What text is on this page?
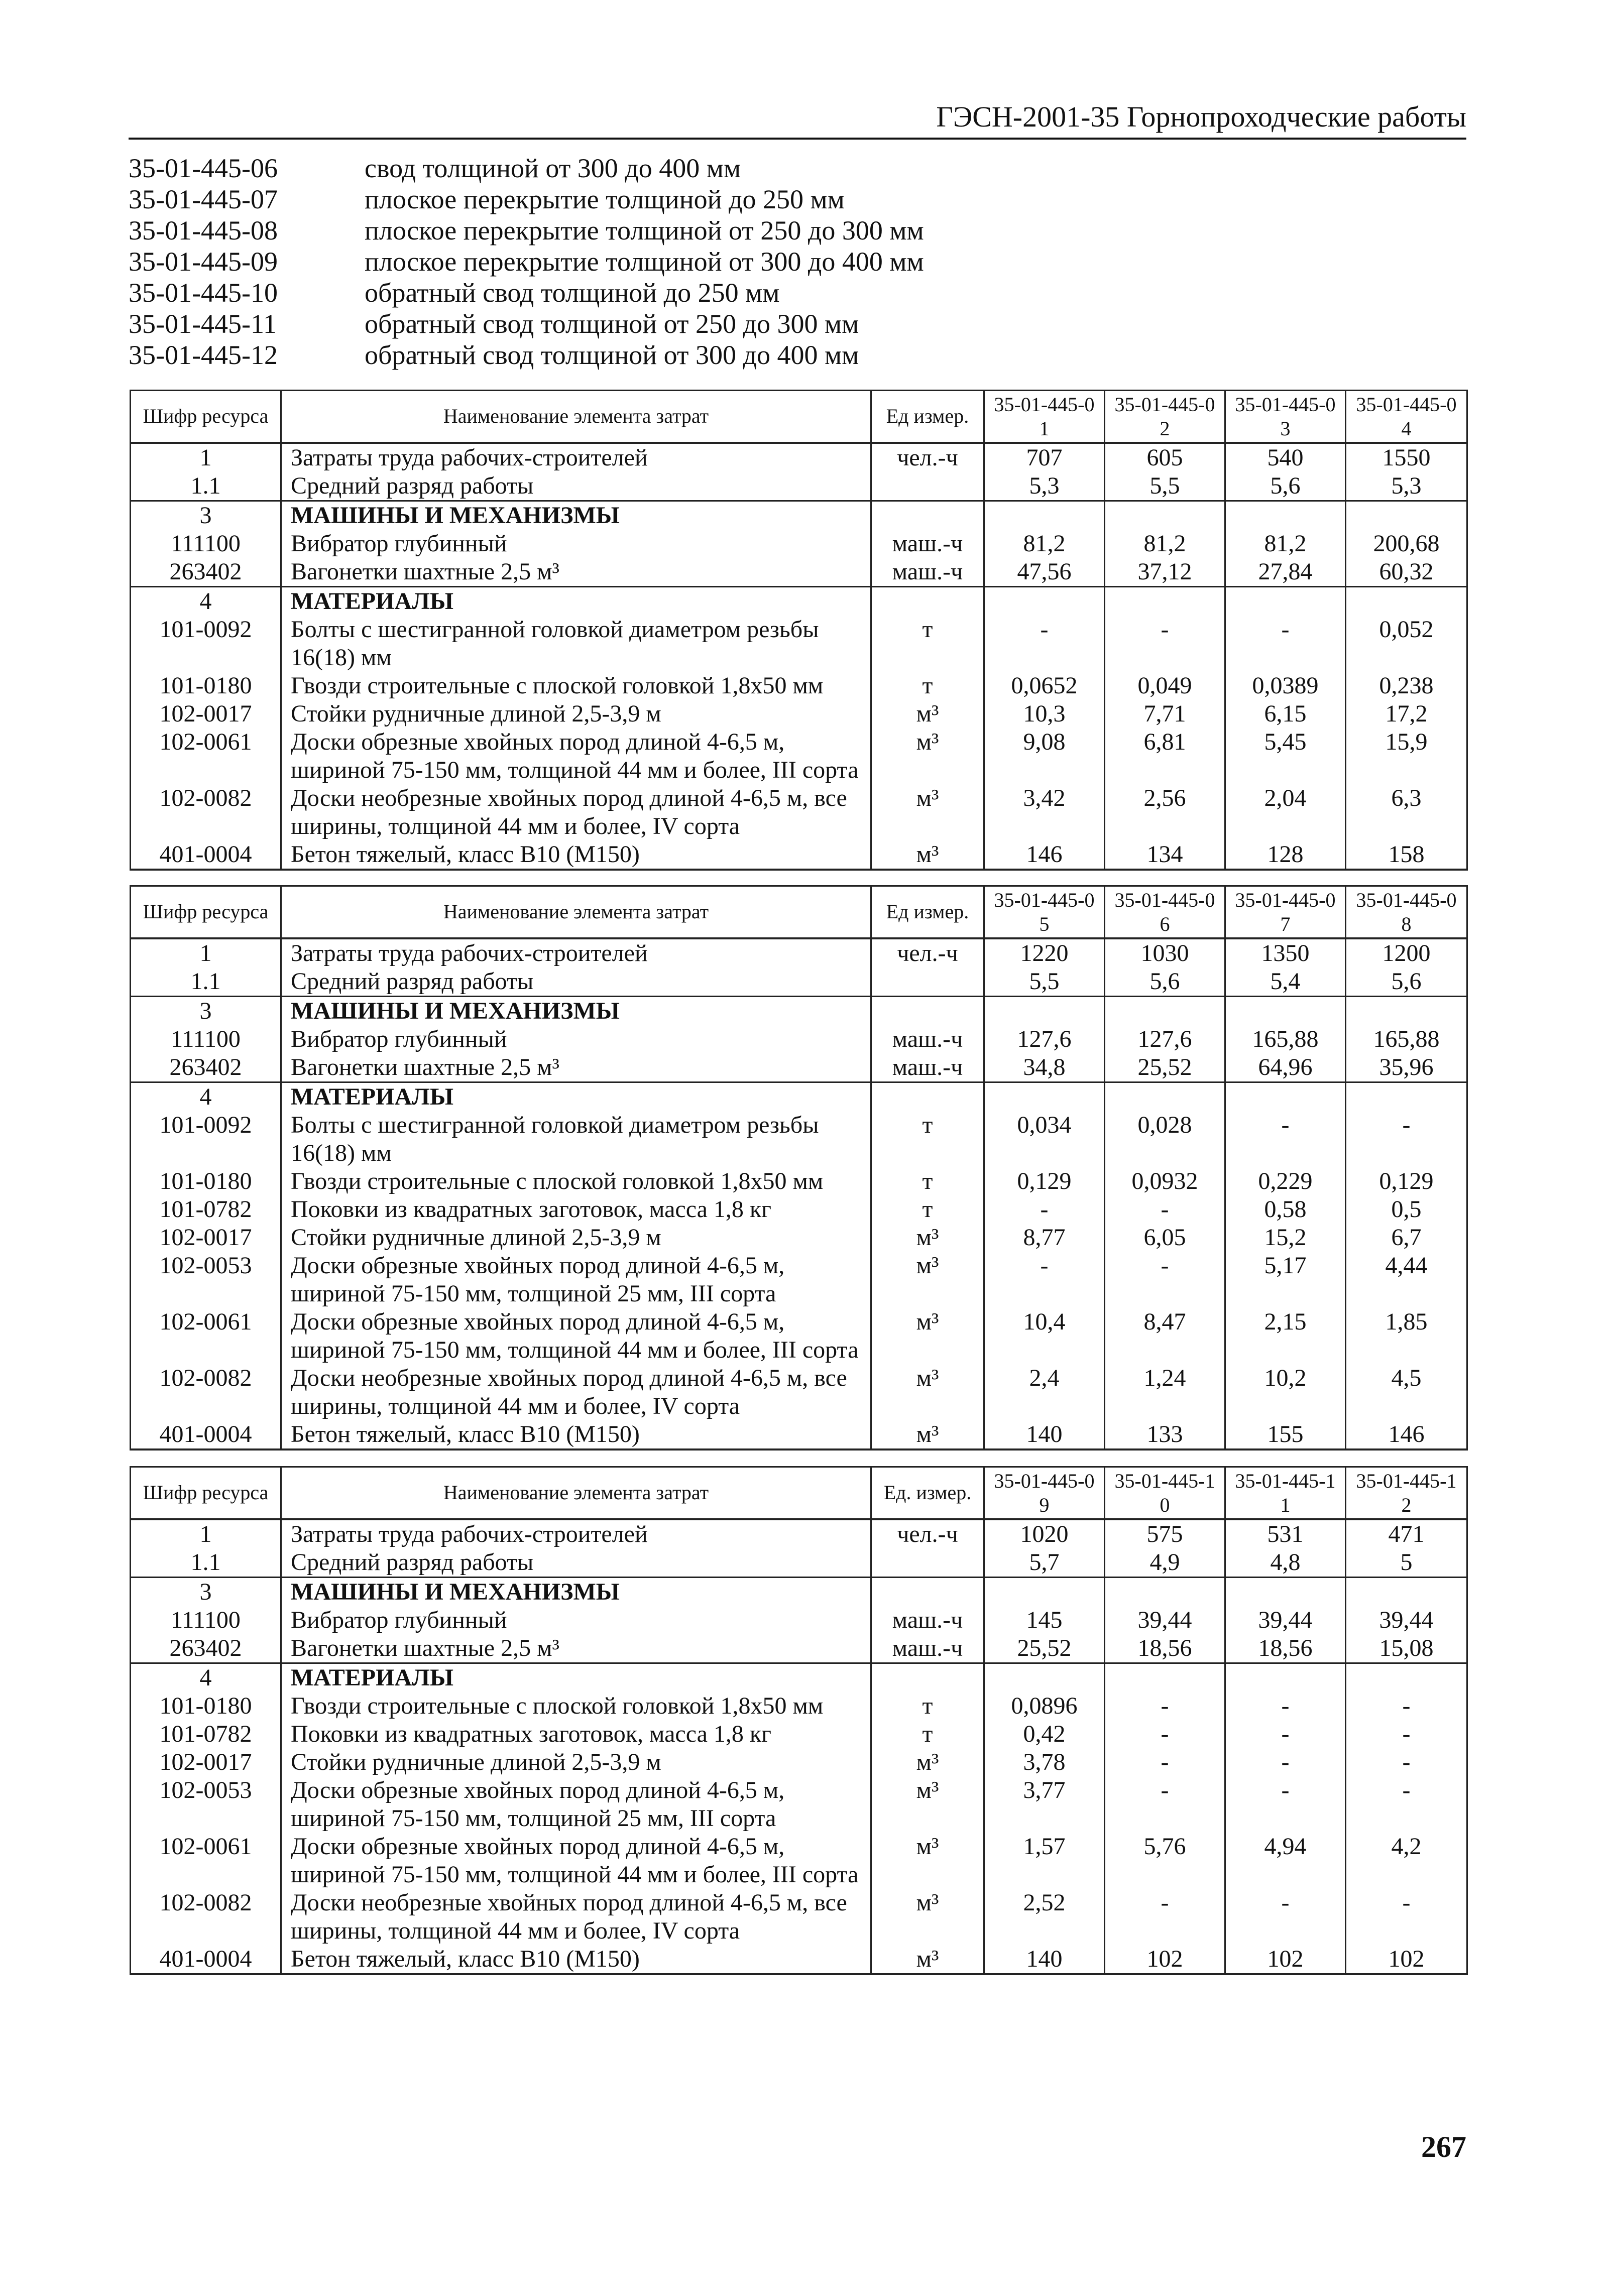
ГЭСН-2001-35 Горнопроходческие работы
35-01-445-06	свод толщиной от 300 до 400 мм
35-01-445-07	плоское перекрытие толщиной до 250 мм
35-01-445-08	плоское перекрытие толщиной от 250 до 300 мм
35-01-445-09	плоское перекрытие толщиной от 300 до 400 мм
35-01-445-10	обратный свод толщиной до 250 мм
35-01-445-11	обратный свод толщиной от 250 до 300 мм
35-01-445-12	обратный свод толщиной от 300 до 400 мм
Шифр ресурса	Наименование элемента затрат	Ед измер.	35-01-445-01	35-01-445-02	35-01-445-03	35-01-445-04
1	Затраты труда рабочих-строителей	чел.-ч	707	605	540	1550
1.1	Средний разряд работы		5,3	5,5	5,6	5,3
3	МАШИНЫ И МЕХАНИЗМЫ					
111100	Вибратор глубинный	маш.-ч	81,2	81,2	81,2	200,68
263402	Вагонетки шахтные 2,5 м³	маш.-ч	47,56	37,12	27,84	60,32
4	МАТЕРИАЛЫ					
101-0092	Болты с шестигранной головкой диаметром резьбы 16(18) мм	т	-	-	-	0,052
101-0180	Гвозди строительные с плоской головкой 1,8х50 мм	т	0,0652	0,049	0,0389	0,238
102-0017	Стойки рудничные длиной 2,5-3,9 м	м³	10,3	7,71	6,15	17,2
102-0061	Доски обрезные хвойных пород длиной 4-6,5 м, шириной 75-150 мм, толщиной 44 мм и более, III сорта	м³	9,08	6,81	5,45	15,9
102-0082	Доски необрезные хвойных пород длиной 4-6,5 м, все ширины, толщиной 44 мм и более, IV сорта	м³	3,42	2,56	2,04	6,3
401-0004	Бетон тяжелый, класс B10 (M150)	м³	146	134	128	158
Шифр ресурса	Наименование элемента затрат	Ед измер.	35-01-445-05	35-01-445-06	35-01-445-07	35-01-445-08
1	Затраты труда рабочих-строителей	чел.-ч	1220	1030	1350	1200
1.1	Средний разряд работы		5,5	5,6	5,4	5,6
3	МАШИНЫ И МЕХАНИЗМЫ					
111100	Вибратор глубинный	маш.-ч	127,6	127,6	165,88	165,88
263402	Вагонетки шахтные 2,5 м³	маш.-ч	34,8	25,52	64,96	35,96
4	МАТЕРИАЛЫ					
101-0092	Болты с шестигранной головкой диаметром резьбы 16(18) мм	т	0,034	0,028	-	-
101-0180	Гвозди строительные с плоской головкой 1,8х50 мм	т	0,129	0,0932	0,229	0,129
101-0782	Поковки из квадратных заготовок, масса 1,8 кг	т	-	-	0,58	0,5
102-0017	Стойки рудничные длиной 2,5-3,9 м	м³	8,77	6,05	15,2	6,7
102-0053	Доски обрезные хвойных пород длиной 4-6,5 м, шириной 75-150 мм, толщиной 25 мм, III сорта	м³	-	-	5,17	4,44
102-0061	Доски обрезные хвойных пород длиной 4-6,5 м, шириной 75-150 мм, толщиной 44 мм и более, III сорта	м³	10,4	8,47	2,15	1,85
102-0082	Доски необрезные хвойных пород длиной 4-6,5 м, все ширины, толщиной 44 мм и более, IV сорта	м³	2,4	1,24	10,2	4,5
401-0004	Бетон тяжелый, класс B10 (M150)	м³	140	133	155	146
Шифр ресурса	Наименование элемента затрат	Ед. измер.	35-01-445-09	35-01-445-10	35-01-445-11	35-01-445-12
1	Затраты труда рабочих-строителей	чел.-ч	1020	575	531	471
1.1	Средний разряд работы		5,7	4,9	4,8	5
3	МАШИНЫ И МЕХАНИЗМЫ					
111100	Вибратор глубинный	маш.-ч	145	39,44	39,44	39,44
263402	Вагонетки шахтные 2,5 м³	маш.-ч	25,52	18,56	18,56	15,08
4	МАТЕРИАЛЫ					
101-0180	Гвозди строительные с плоской головкой 1,8х50 мм	т	0,0896	-	-	-
101-0782	Поковки из квадратных заготовок, масса 1,8 кг	т	0,42	-	-	-
102-0017	Стойки рудничные длиной 2,5-3,9 м	м³	3,78	-	-	-
102-0053	Доски обрезные хвойных пород длиной 4-6,5 м, шириной 75-150 мм, толщиной 25 мм, III сорта	м³	3,77	-	-	-
102-0061	Доски обрезные хвойных пород длиной 4-6,5 м, шириной 75-150 мм, толщиной 44 мм и более, III сорта	м³	1,57	5,76	4,94	4,2
102-0082	Доски необрезные хвойных пород длиной 4-6,5 м, все ширины, толщиной 44 мм и более, IV сорта	м³	2,52	-	-	-
401-0004	Бетон тяжелый, класс B10 (M150)	м³	140	102	102	102
267
